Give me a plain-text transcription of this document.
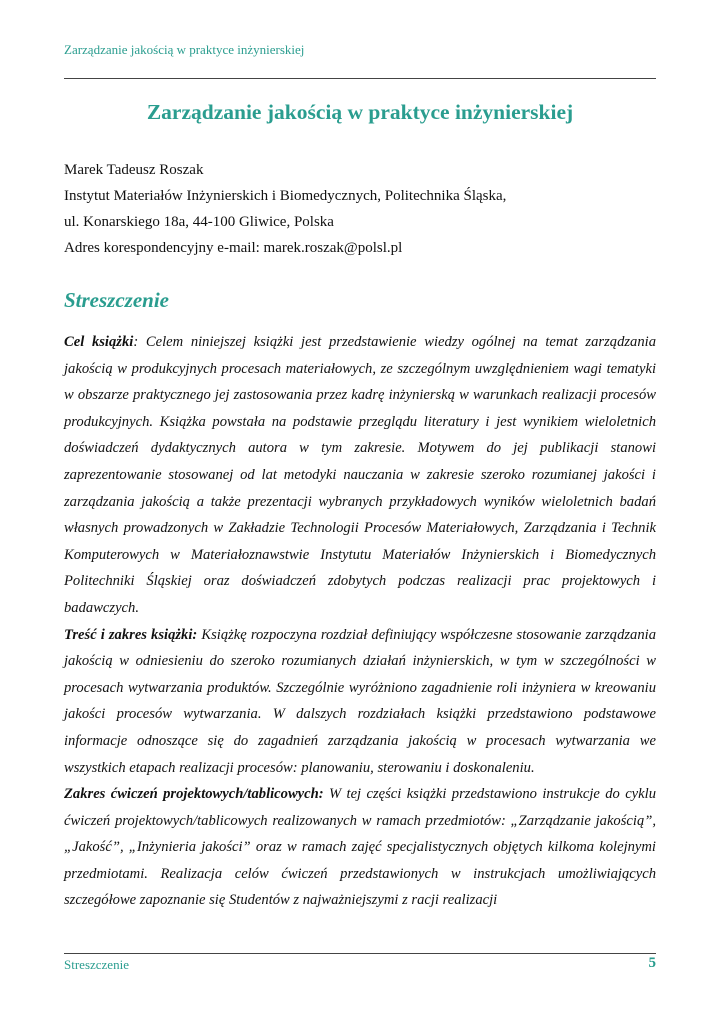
Zarządzanie jakością w praktyce inżynierskiej
Zarządzanie jakością w praktyce inżynierskiej
Marek Tadeusz Roszak
Instytut Materiałów Inżynierskich i Biomedycznych, Politechnika Śląska,
ul. Konarskiego 18a, 44-100 Gliwice, Polska
Adres korespondencyjny e-mail: marek.roszak@polsl.pl
Streszczenie

Cel książki: Celem niniejszej książki jest przedstawienie wiedzy ogólnej na temat zarządzania jakością w produkcyjnych procesach materiałowych, ze szczególnym uwzględnieniem wagi tematyki w obszarze praktycznego jej zastosowania przez kadrę inżynierską w warunkach realizacji procesów produkcyjnych. Książka powstała na podstawie przeglądu literatury i jest wynikiem wieloletnich doświadczeń dydaktycznych autora w tym zakresie. Motywem do jej publikacji stanowi zaprezentowanie stosowanej od lat metodyki nauczania w zakresie szeroko rozumianej jakości i zarządzania jakością a także prezentacji wybranych przykładowych wyników wieloletnich badań własnych prowadzonych w Zakładzie Technologii Procesów Materiałowych, Zarządzania i Technik Komputerowych w Materiałoznawstwie Instytutu Materiałów Inżynierskich i Biomedycznych Politechniki Śląskiej oraz doświadczeń zdobytych podczas realizacji prac projektowych i badawczych.

Treść i zakres książki: Książkę rozpoczyna rozdział definiujący współczesne stosowanie zarządzania jakością w odniesieniu do szeroko rozumianych działań inżynierskich, w tym w szczególności w procesach wytwarzania produktów. Szczególnie wyróżniono zagadnienie roli inżyniera w kreowaniu jakości procesów wytwarzania. W dalszych rozdziałach książki przedstawiono podstawowe informacje odnoszące się do zagadnień zarządzania jakością w procesach wytwarzania we wszystkich etapach realizacji procesów: planowaniu, sterowaniu i doskonaleniu.

Zakres ćwiczeń projektowych/tablicowych: W tej części książki przedstawiono instrukcje do cyklu ćwiczeń projektowych/tablicowych realizowanych w ramach przedmiotów: „Zarządzanie jakością”, „Jakość”, „Inżynieria jakości” oraz w ramach zajęć specjalistycznych objętych kilkoma kolejnymi przedmiotami. Realizacja celów ćwiczeń przedstawionych w instrukcjach umożliwiających szczegółowe zapoznanie się Studentów z najważniejszymi z racji realizacji

Streszczenie	5
